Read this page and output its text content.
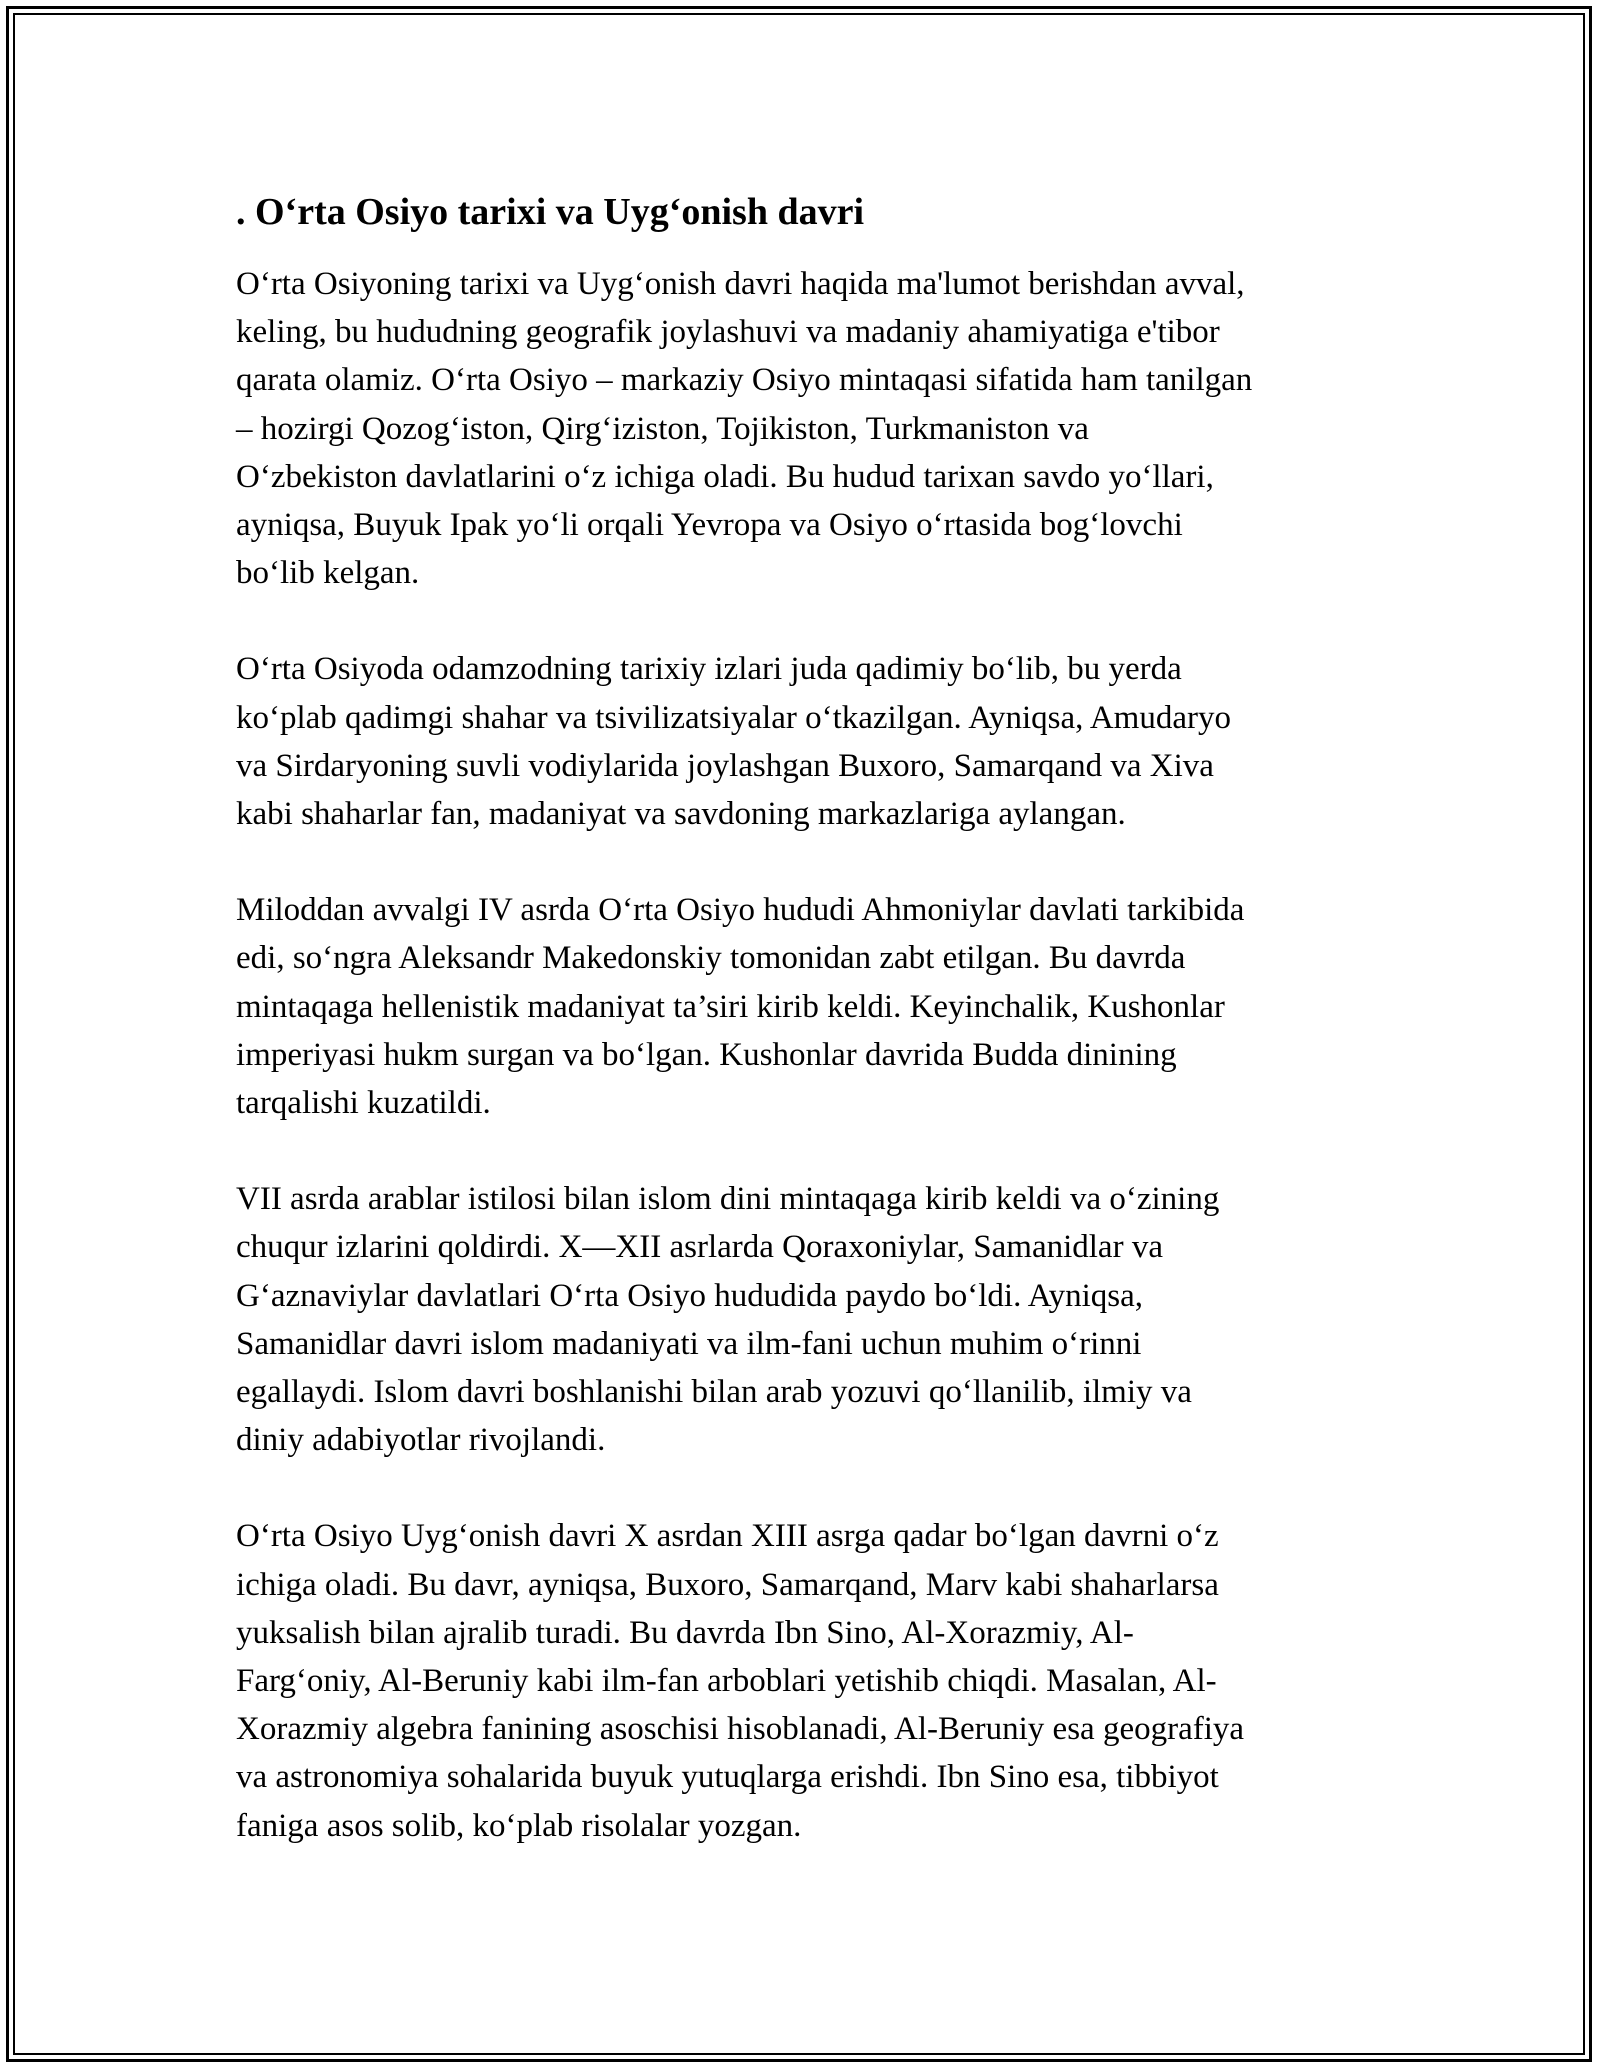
. O‘rta Osiyo tarixi va Uyg‘onish davri

O‘rta Osiyoning tarixi va Uyg‘onish davri haqida ma'lumot berishdan avval,
keling, bu hududning geografik joylashuvi va madaniy ahamiyatiga e'tibor
qarata olamiz. O‘rta Osiyo – markaziy Osiyo mintaqasi sifatida ham tanilgan
– hozirgi Qozog‘iston, Qirg‘iziston, Tojikiston, Turkmaniston va
O‘zbekiston davlatlarini o‘z ichiga oladi. Bu hudud tarixan savdo yo‘llari,
ayniqsa, Buyuk Ipak yo‘li orqali Yevropa va Osiyo o‘rtasida bog‘lovchi
bo‘lib kelgan.

O‘rta Osiyoda odamzodning tarixiy izlari juda qadimiy bo‘lib, bu yerda
ko‘plab qadimgi shahar va tsivilizatsiyalar o‘tkazilgan. Ayniqsa, Amudaryo
va Sirdaryoning suvli vodiylarida joylashgan Buxoro, Samarqand va Xiva
kabi shaharlar fan, madaniyat va savdoning markazlariga aylangan.

Miloddan avvalgi IV asrda O‘rta Osiyo hududi Ahmoniylar davlati tarkibida
edi, so‘ngra Aleksandr Makedonskiy tomonidan zabt etilgan. Bu davrda
mintaqaga hellenistik madaniyat ta’siri kirib keldi. Keyinchalik, Kushonlar
imperiyasi hukm surgan va bo‘lgan. Kushonlar davrida Budda dinining
tarqalishi kuzatildi.

VII asrda arablar istilosi bilan islom dini mintaqaga kirib keldi va o‘zining
chuqur izlarini qoldirdi. X—XII asrlarda Qoraxoniylar, Samanidlar va
G‘aznaviylar davlatlari O‘rta Osiyo hududida paydo bo‘ldi. Ayniqsa,
Samanidlar davri islom madaniyati va ilm-fani uchun muhim o‘rinni
egallaydi. Islom davri boshlanishi bilan arab yozuvi qo‘llanilib, ilmiy va
diniy adabiyotlar rivojlandi.

O‘rta Osiyo Uyg‘onish davri X asrdan XIII asrga qadar bo‘lgan davrni o‘z
ichiga oladi. Bu davr, ayniqsa, Buxoro, Samarqand, Marv kabi shaharlarsa
yuksalish bilan ajralib turadi. Bu davrda Ibn Sino, Al-Xorazmiy, Al-
Farg‘oniy, Al-Beruniy kabi ilm-fan arboblari yetishib chiqdi. Masalan, Al-
Xorazmiy algebra fanining asoschisi hisoblanadi, Al-Beruniy esa geografiya
va astronomiya sohalarida buyuk yutuqlarga erishdi. Ibn Sino esa, tibbiyot
faniga asos solib, ko‘plab risolalar yozgan.
